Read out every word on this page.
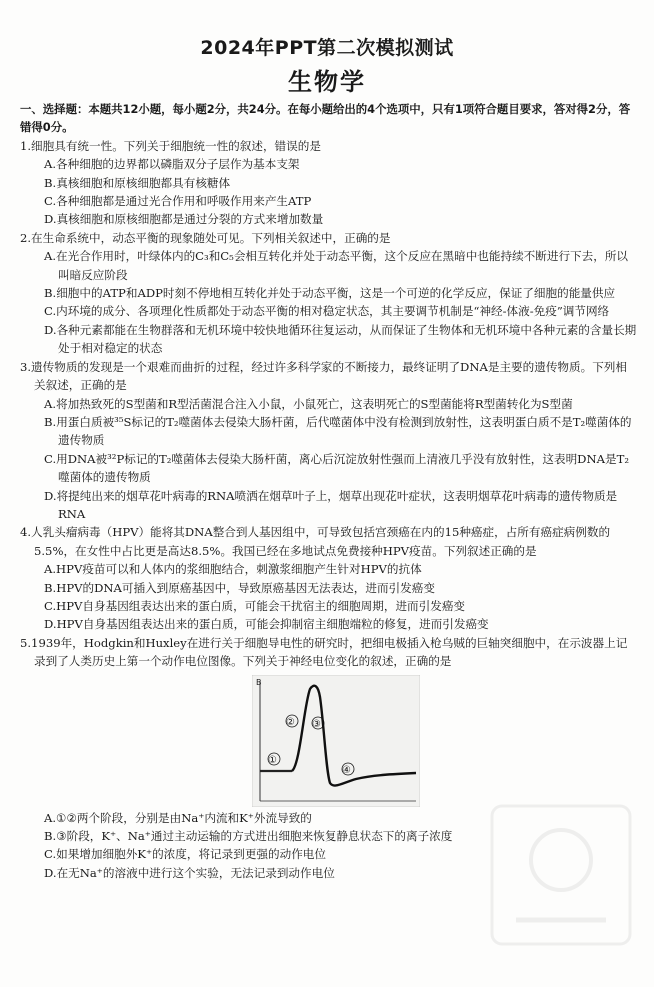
2024年PPT第二次模拟测试
生物学

一、选择题：本题共12小题，每小题2分，共24分。在每小题给出的4个选项中，只有1项符合题目要求，答对得2分，答错得0分。

1.细胞具有统一性。下列关于细胞统一性的叙述，错误的是

A.各种细胞的边界都以磷脂双分子层作为基本支架

B.真核细胞和原核细胞都具有核糖体

C.各种细胞都是通过光合作用和呼吸作用来产生ATP

D.真核细胞和原核细胞都是通过分裂的方式来增加数量

2.在生命系统中，动态平衡的现象随处可见。下列相关叙述中，正确的是

A.在光合作用时，叶绿体内的C₃和C₅会相互转化并处于动态平衡，这个反应在黑暗中也能持续不断进行下去，所以叫暗反应阶段

B.细胞中的ATP和ADP时刻不停地相互转化并处于动态平衡，这是一个可逆的化学反应，保证了细胞的能量供应

C.内环境的成分、各项理化性质都处于动态平衡的相对稳定状态，其主要调节机制是“神经-体液-免疫”调节网络

D.各种元素都能在生物群落和无机环境中较快地循环往复运动，从而保证了生物体和无机环境中各种元素的含量长期处于相对稳定的状态

3.遗传物质的发现是一个艰难而曲折的过程，经过许多科学家的不断接力，最终证明了DNA是主要的遗传物质。下列相关叙述，正确的是

A.将加热致死的S型菌和R型活菌混合注入小鼠，小鼠死亡，这表明死亡的S型菌能将R型菌转化为S型菌

B.用蛋白质被³⁵S标记的T₂噬菌体去侵染大肠杆菌，后代噬菌体中没有检测到放射性，这表明蛋白质不是T₂噬菌体的遗传物质

C.用DNA被³²P标记的T₂噬菌体去侵染大肠杆菌，离心后沉淀放射性强而上清液几乎没有放射性，这表明DNA是T₂噬菌体的遗传物质

D.将提纯出来的烟草花叶病毒的RNA喷洒在烟草叶子上，烟草出现花叶症状，这表明烟草花叶病毒的遗传物质是RNA

4.人乳头瘤病毒（HPV）能将其DNA整合到人基因组中，可导致包括宫颈癌在内的15种癌症，占所有癌症病例数的5.5%，在女性中占比更是高达8.5%。我国已经在多地试点免费接种HPV疫苗。下列叙述正确的是

A.HPV疫苗可以和人体内的浆细胞结合，刺激浆细胞产生针对HPV的抗体

B.HPV的DNA可插入到原癌基因中，导致原癌基因无法表达，进而引发癌变

C.HPV自身基因组表达出来的蛋白质，可能会干扰宿主的细胞周期，进而引发癌变

D.HPV自身基因组表达出来的蛋白质，可能会抑制宿主细胞端粒的修复，进而引发癌变

5.1939年，Hodgkin和Huxley在进行关于细胞导电性的研究时，把细电极插入枪乌贼的巨轴突细胞中，在示波器上记录到了人类历史上第一个动作电位图像。下列关于神经电位变化的叙述，正确的是

B
①
② ③
④

A.①②两个阶段，分别是由Na⁺内流和K⁺外流导致的

B.③阶段，K⁺、Na⁺通过主动运输的方式进出细胞来恢复静息状态下的离子浓度

C.如果增加细胞外K⁺的浓度，将记录到更强的动作电位

D.在无Na⁺的溶液中进行这个实验，无法记录到动作电位
